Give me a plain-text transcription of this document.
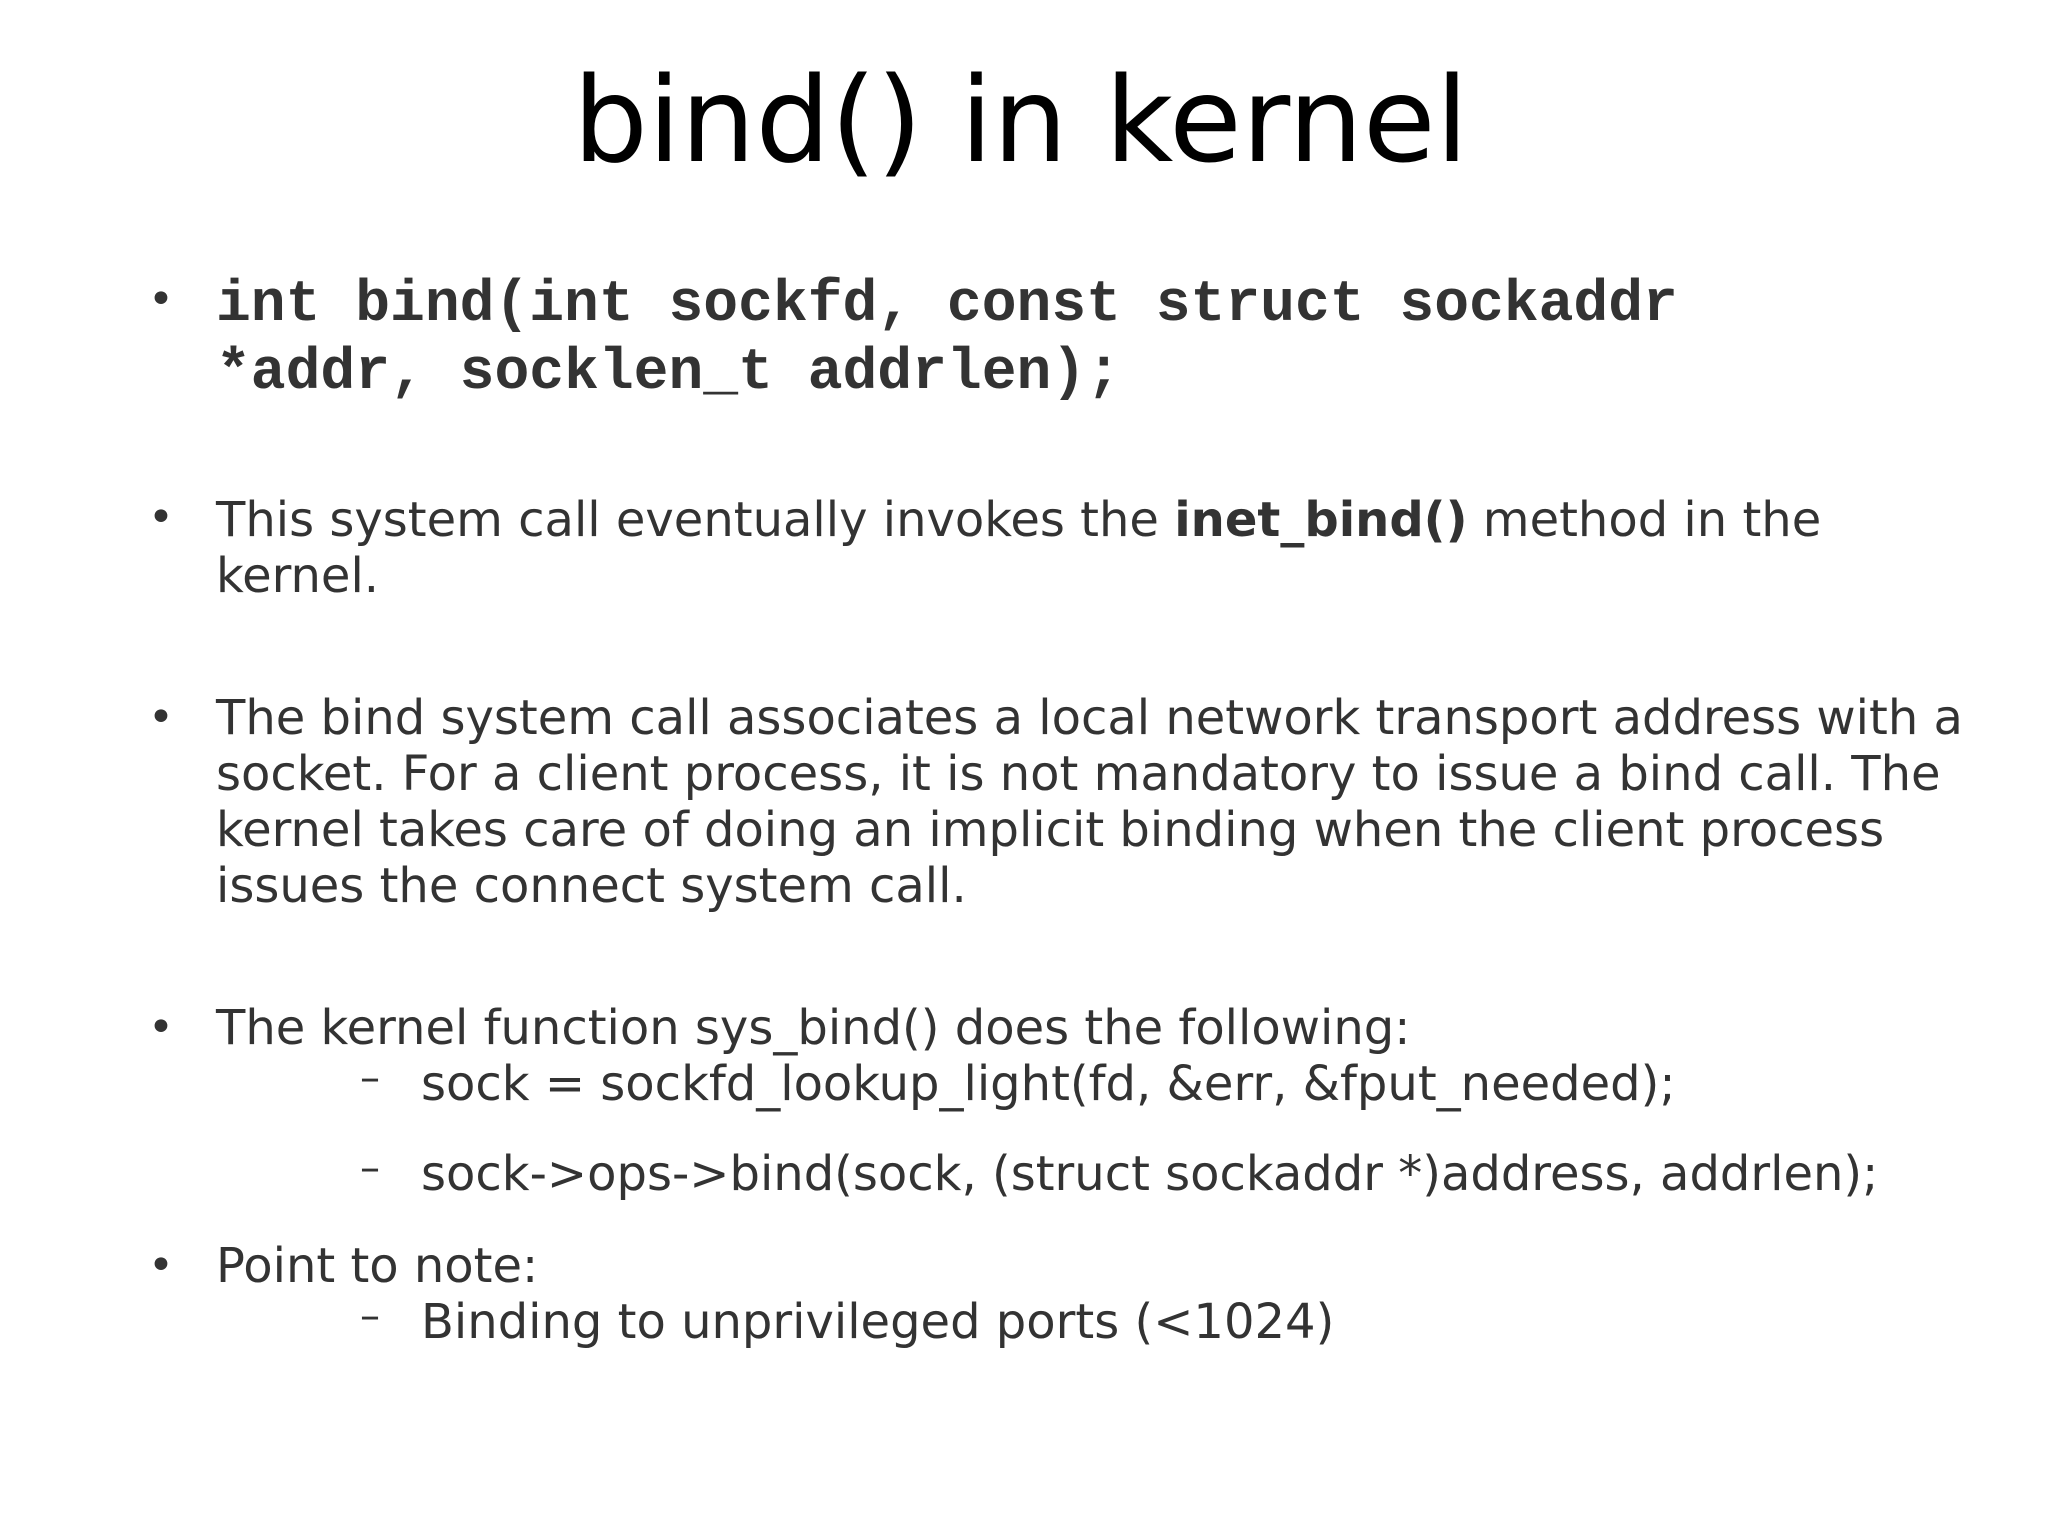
bind() in kernel
• int bind(int sockfd, const struct sockaddr
*addr, socklen_t addrlen);
• This system call eventually invokes the inet_bind() method in the
kernel.
• The bind system call associates a local network transport address with a
socket. For a client process, it is not mandatory to issue a bind call. The
kernel takes care of doing an implicit binding when the client process
issues the connect system call.
• The kernel function sys_bind() does the following:
– sock = sockfd_lookup_light(fd, &err, &fput_needed);
– sock->ops->bind(sock, (struct sockaddr *)address, addrlen);
• Point to note:
– Binding to unprivileged ports (<1024)
